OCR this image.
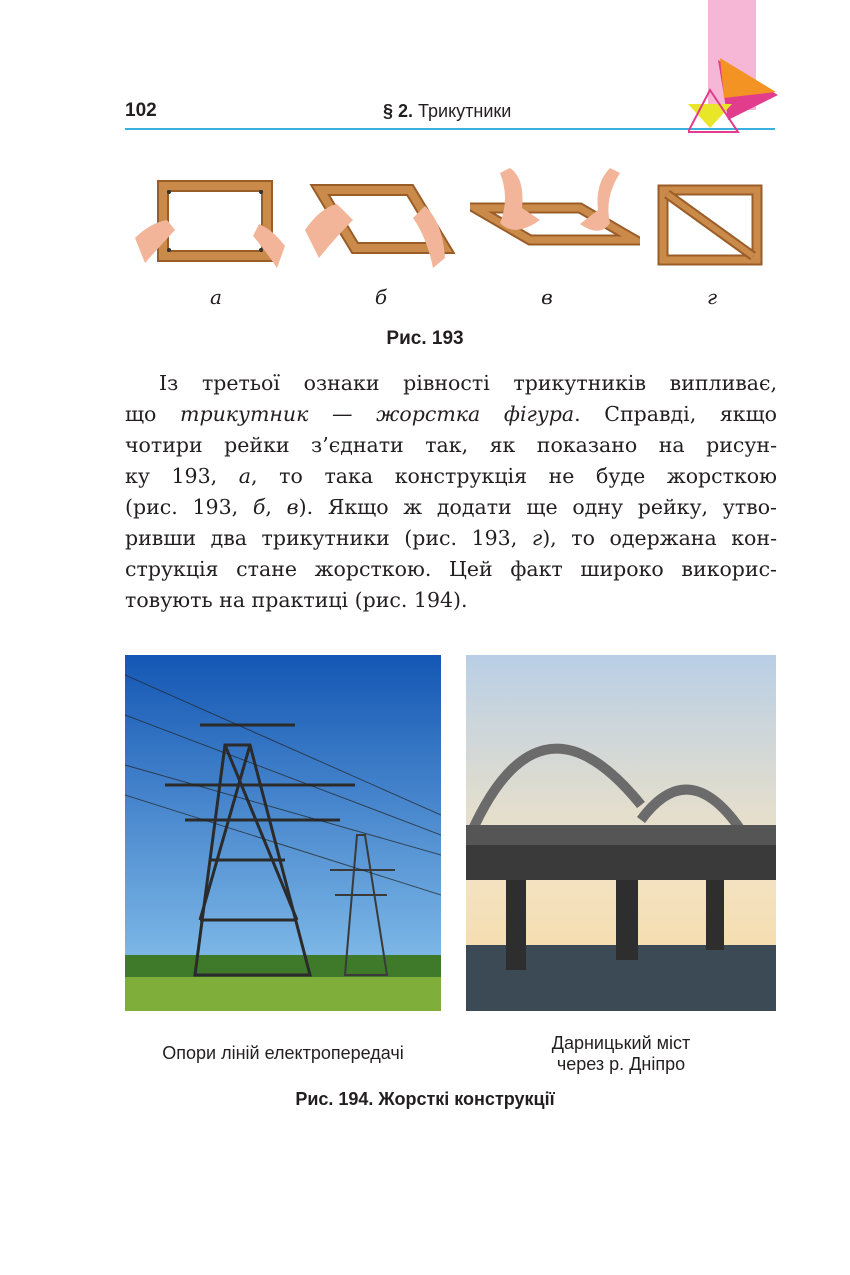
102	§ 2. Трикутники
а	б	в	г
Рис. 193
Із третьої ознаки рівності трикутників випливає,
що трикутник — жорстка фігура. Справді, якщо
чотири рейки з’єднати так, як показано на рисун-
ку 193, а, то така конструкція не буде жорсткою
(рис. 193, б, в). Якщо ж додати ще одну рейку, утво-
ривши два трикутники (рис. 193, г), то одержана кон-
струкція стане жорсткою. Цей факт широко викорис-
товують на практиці (рис. 194).
Опори ліній електропередачі	Дарницький міст
через р. Дніпро
Рис. 194. Жорсткі конструкції
